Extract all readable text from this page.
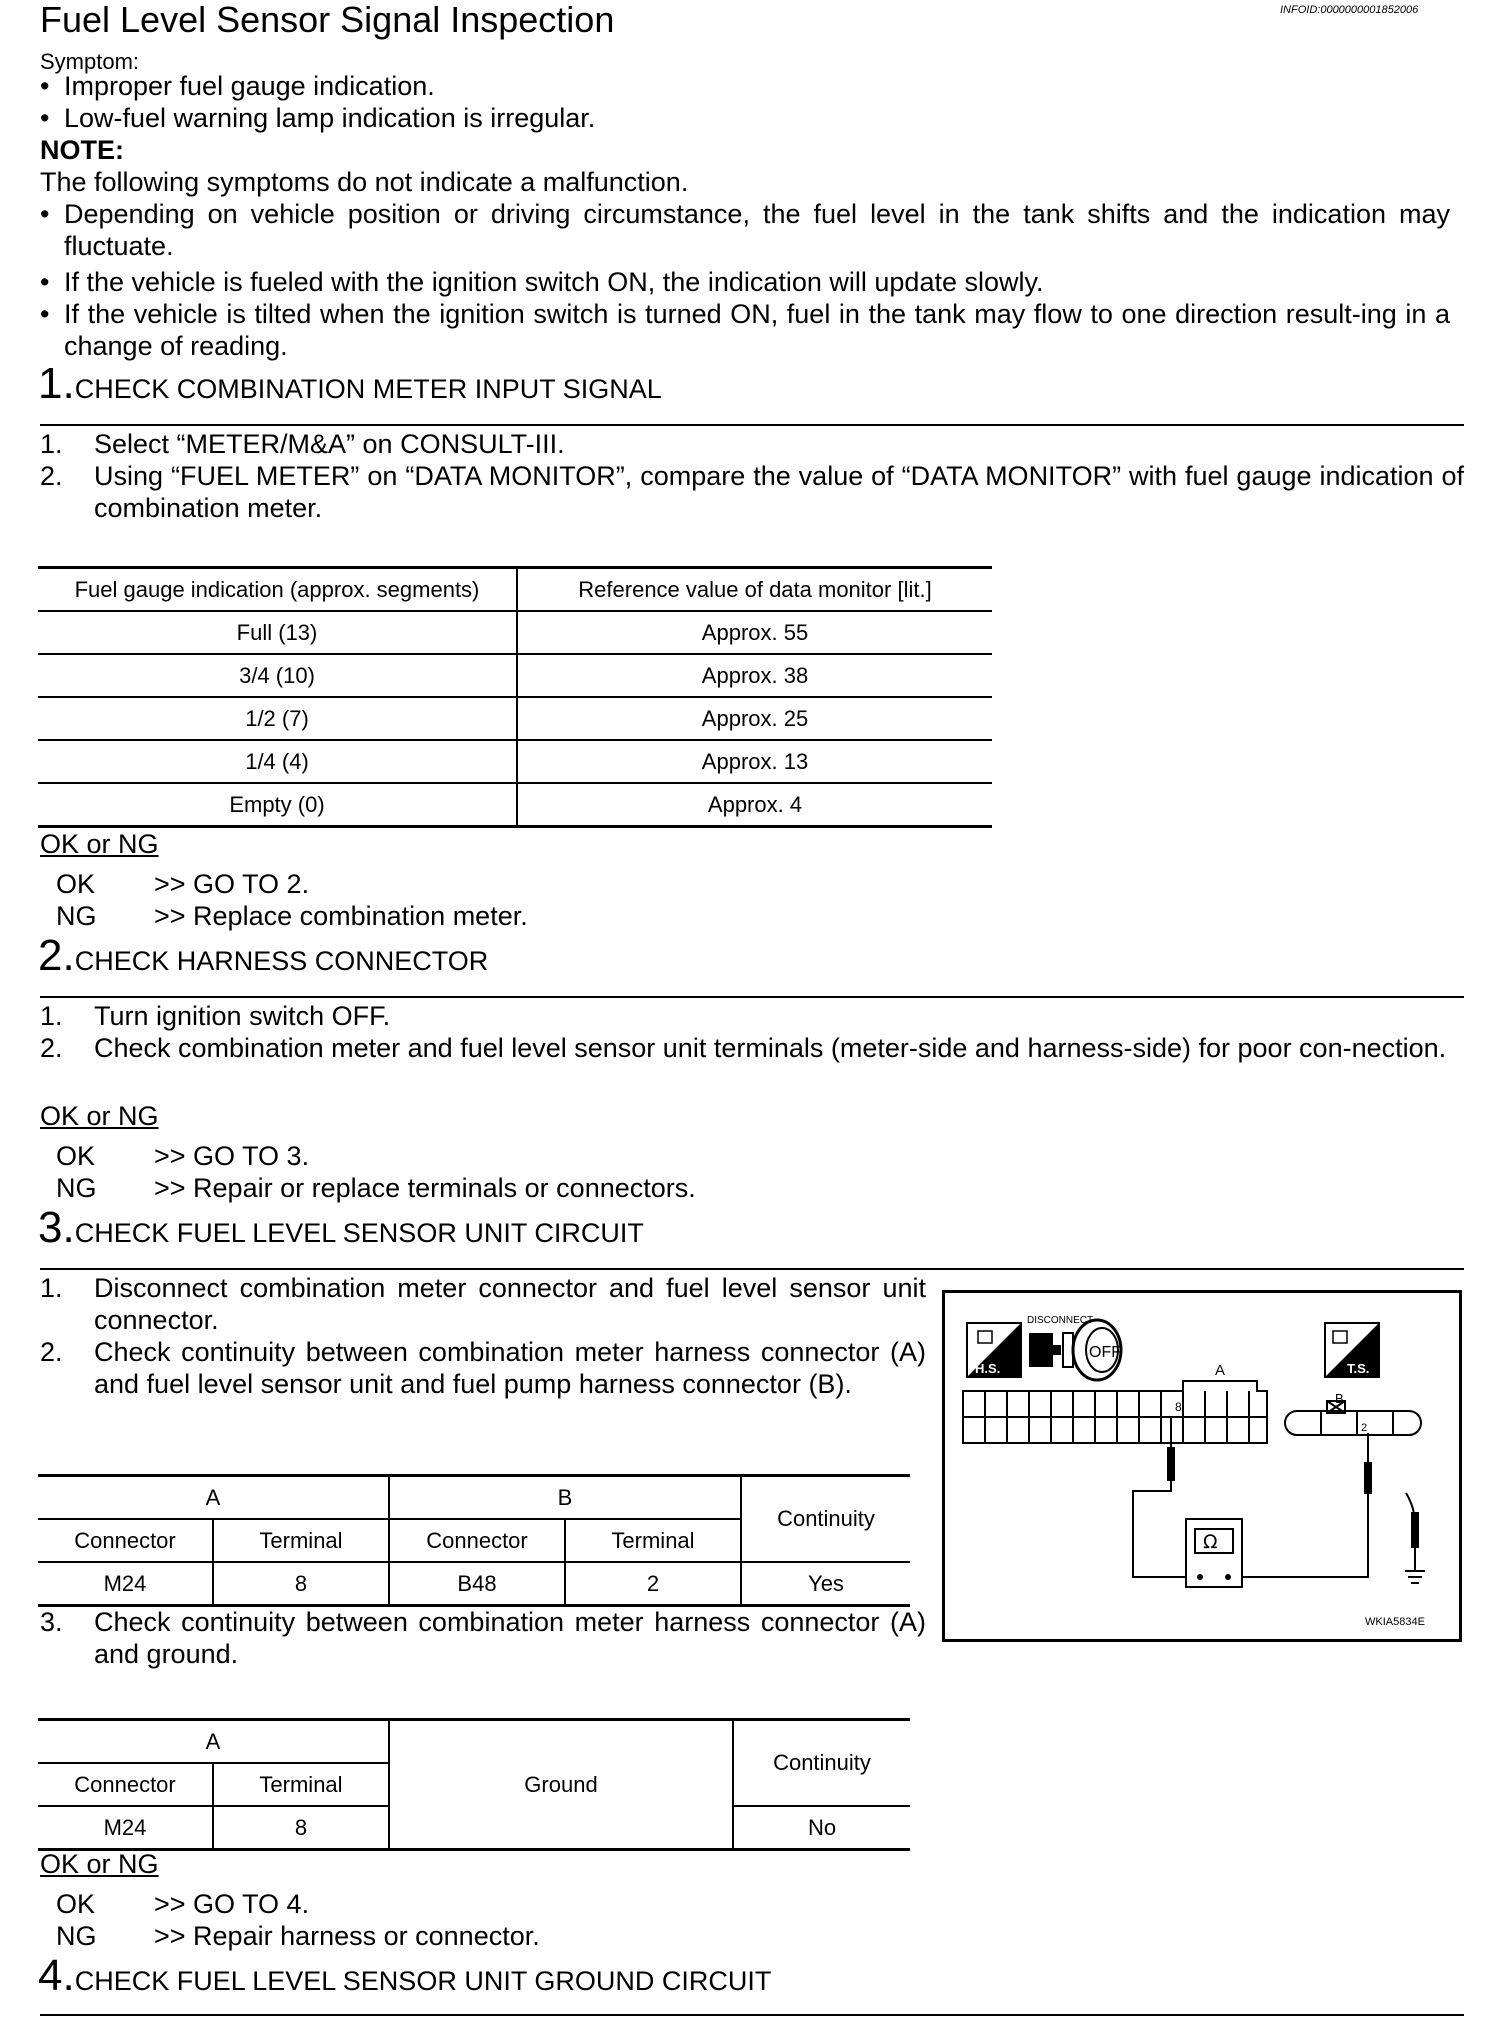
Fuel Level Sensor Signal Inspection	INFOID:0000000001852006
Symptom:
• Improper fuel gauge indication.
• Low-fuel warning lamp indication is irregular.
NOTE:
The following symptoms do not indicate a malfunction.
• Depending on vehicle position or driving circumstance, the fuel level in the tank shifts and the indication may fluctuate.
• If the vehicle is fueled with the ignition switch ON, the indication will update slowly.
• If the vehicle is tilted when the ignition switch is turned ON, fuel in the tank may flow to one direction result-ing in a change of reading.
1.CHECK COMBINATION METER INPUT SIGNAL
1. Select “METER/M&A” on CONSULT-III.
2. Using “FUEL METER” on “DATA MONITOR”, compare the value of “DATA MONITOR” with fuel gauge indication of combination meter.
Fuel gauge indication (approx. segments)	Reference value of data monitor [lit.]
Full (13)	Approx. 55
3/4 (10)	Approx. 38
1/2 (7)	Approx. 25
1/4 (4)	Approx. 13
Empty (0)	Approx. 4
OK or NG
OK >> GO TO 2.
NG >> Replace combination meter.
2.CHECK HARNESS CONNECTOR
1. Turn ignition switch OFF.
2. Check combination meter and fuel level sensor unit terminals (meter-side and harness-side) for poor con-nection.
OK or NG
OK >> GO TO 3.
NG >> Repair or replace terminals or connectors.
3.CHECK FUEL LEVEL SENSOR UNIT CIRCUIT
1. Disconnect combination meter connector and fuel level sensor unit connector.
2. Check continuity between combination meter harness connector (A) and fuel level sensor unit and fuel pump harness connector (B).
A		B		Continuity
Connector	Terminal	Connector	Terminal	
M24	8	B48	2	Yes
3. Check continuity between combination meter harness connector (A) and ground.
A		Ground	Continuity
Connector	Terminal		
M24	8		No
OK or NG
OK >> GO TO 4.
NG >> Repair harness or connector.
4.CHECK FUEL LEVEL SENSOR UNIT GROUND CIRCUIT
H.S.
DISCONNECT
OFF
T.S.
A
8
B
2
Ω
WKIA5834E
